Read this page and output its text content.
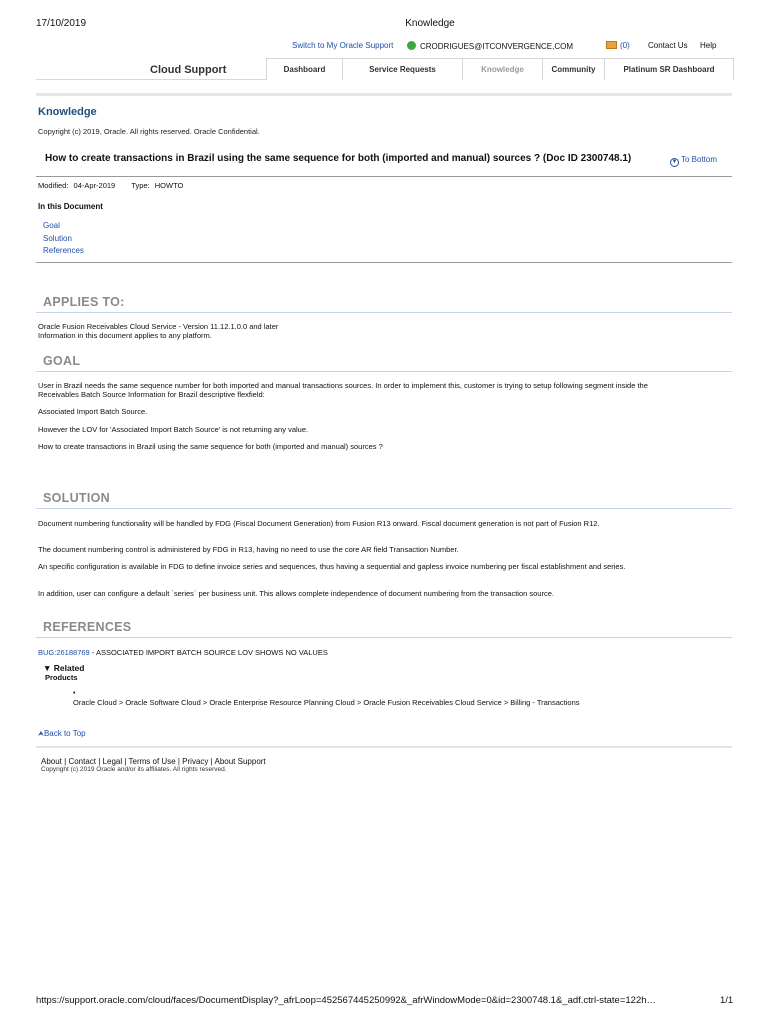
17/10/2019	Knowledge
Switch to My Oracle Support	CRODRIGUES@ITCONVERGENCE,COM	(0) Contact Us Help
Cloud Support	Dashboard	Service Requests	Knowledge	Community	Platinum SR Dashboard
Knowledge
Copyright (c) 2019, Oracle. All rights reserved. Oracle Confidential.
How to create transactions in Brazil using the same sequence for both (imported and manual) sources ? (Doc ID 2300748.1)	▼ To Bottom
Modified: 04-Apr-2019 Type: HOWTO
In this Document
Goal
Solution
References
APPLIES TO:
Oracle Fusion Receivables Cloud Service - Version 11.12.1.0.0 and later
Information in this document applies to any platform.
GOAL
User in Brazil needs the same sequence number for both imported and manual transactions sources. In order to implement this, customer is trying to setup following segment inside the Receivables Batch Source Information for Brazil descriptive flexfield:
Associated Import Batch Source.
However the LOV for 'Associated Import Batch Source' is not returning any value.
How to create transactions in Brazil using the same sequence for both (imported and manual) sources ?
SOLUTION
Document numbering functionality will be handled by FDG (Fiscal Document Generation) from Fusion R13 onward. Fiscal document generation is not part of Fusion R12.
The document numbering control is administered by FDG in R13, having no need to use the core AR field Transaction Number.
An specific configuration is available in FDG to define invoice series and sequences, thus having a sequential and gapless invoice numbering per fiscal establishment and series.
In addition, user can configure a default `series` per business unit. This allows complete independence of document numbering from the transaction source.
REFERENCES
BUG:26188769 - ASSOCIATED IMPORT BATCH SOURCE LOV SHOWS NO VALUES
▼ Related
Products
•
Oracle Cloud > Oracle Software Cloud > Oracle Enterprise Resource Planning Cloud > Oracle Fusion Receivables Cloud Service > Billing - Transactions
⮝Back to Top
About | Contact | Legal | Terms of Use | Privacy | About Support
Copyright (c) 2019 Oracle and/or its affiliates. All rights reserved.
https://support.oracle.com/cloud/faces/DocumentDisplay?_afrLoop=452567445250992&_afrWindowMode=0&id=2300748.1&_adf.ctrl-state=122h…	1/1
